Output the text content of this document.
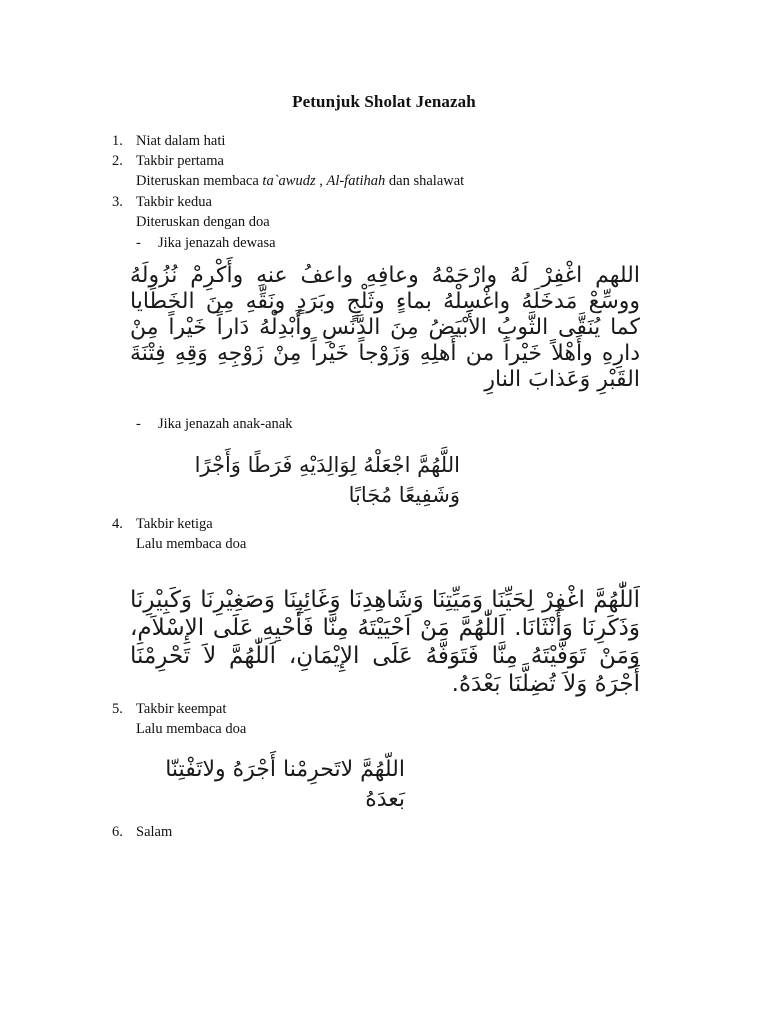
Petunjuk Sholat Jenazah
1. Niat dalam hati
2. Takbir pertama
Diteruskan membaca ta`awudz , Al-fatihah dan shalawat
3. Takbir kedua
Diteruskan dengan doa
- Jika jenazah dewasa
اللهم اغْفِرْ لَهُ وارْحَمْهُ وعافِهِ واعفُ عنهِ وأَكْرِمْ نُزُولَهُ ووسِّعْ مَدخَلَهُ واغْسِلْهُ بماءٍ وثَلْجٍ وبَرَدٍ ونَقِّهِ مِنَ الخَطَايا كما يُنَقَّى الثَّوبُ الأَبْيَضُ مِنَ الدَّنَسِ وأَبْدِلْهُ دَاراً خَيْراً مِنْ دارِهِ وأَهْلاً خَيْراً من أَهلِهِ وَزَوْجاً خَيْراً مِنْ زَوْجِهِ وَقِهِ فِتْنَةَ القَبْرِ وَعَذابَ النارِ
- Jika jenazah anak-anak
اللَّهُمَّ اجْعَلْهُ لِوَالِدَيْهِ فَرَطًا وَأَجْرًا وَشَفِيعًا مُجَابًا
4. Takbir ketiga
Lalu membaca doa
اَللّٰهُمَّ اغْفِرْ لِحَيِّنَا وَمَيِّتِنَا وَشَاهِدِنَا وَغَائِبِنَا وَصَغِيْرِنَا وَكَبِيْرِنَا وَذَكَرِنَا وَأُنْثَانَا. اَللّٰهُمَّ مَنْ اَحْيَيْتَهُ مِنَّا فَأَحْيِهِ عَلَى الإِسْلاَمِ، وَمَنْ تَوَفَّيْتَهُ مِنَّا فَتَوَفَّهُ عَلَى الإِيْمَانِ، اَللّٰهُمَّ لاَ تَحْرِمْنَا أَجْرَهُ وَلاَ تُضِلَّنَا بَعْدَهُ.
5. Takbir keempat
Lalu membaca doa
اللّهُمَّ لاتَحرِمْنا أَجْرَهُ ولاتَفْتِنّا بَعدَهُ
6. Salam
